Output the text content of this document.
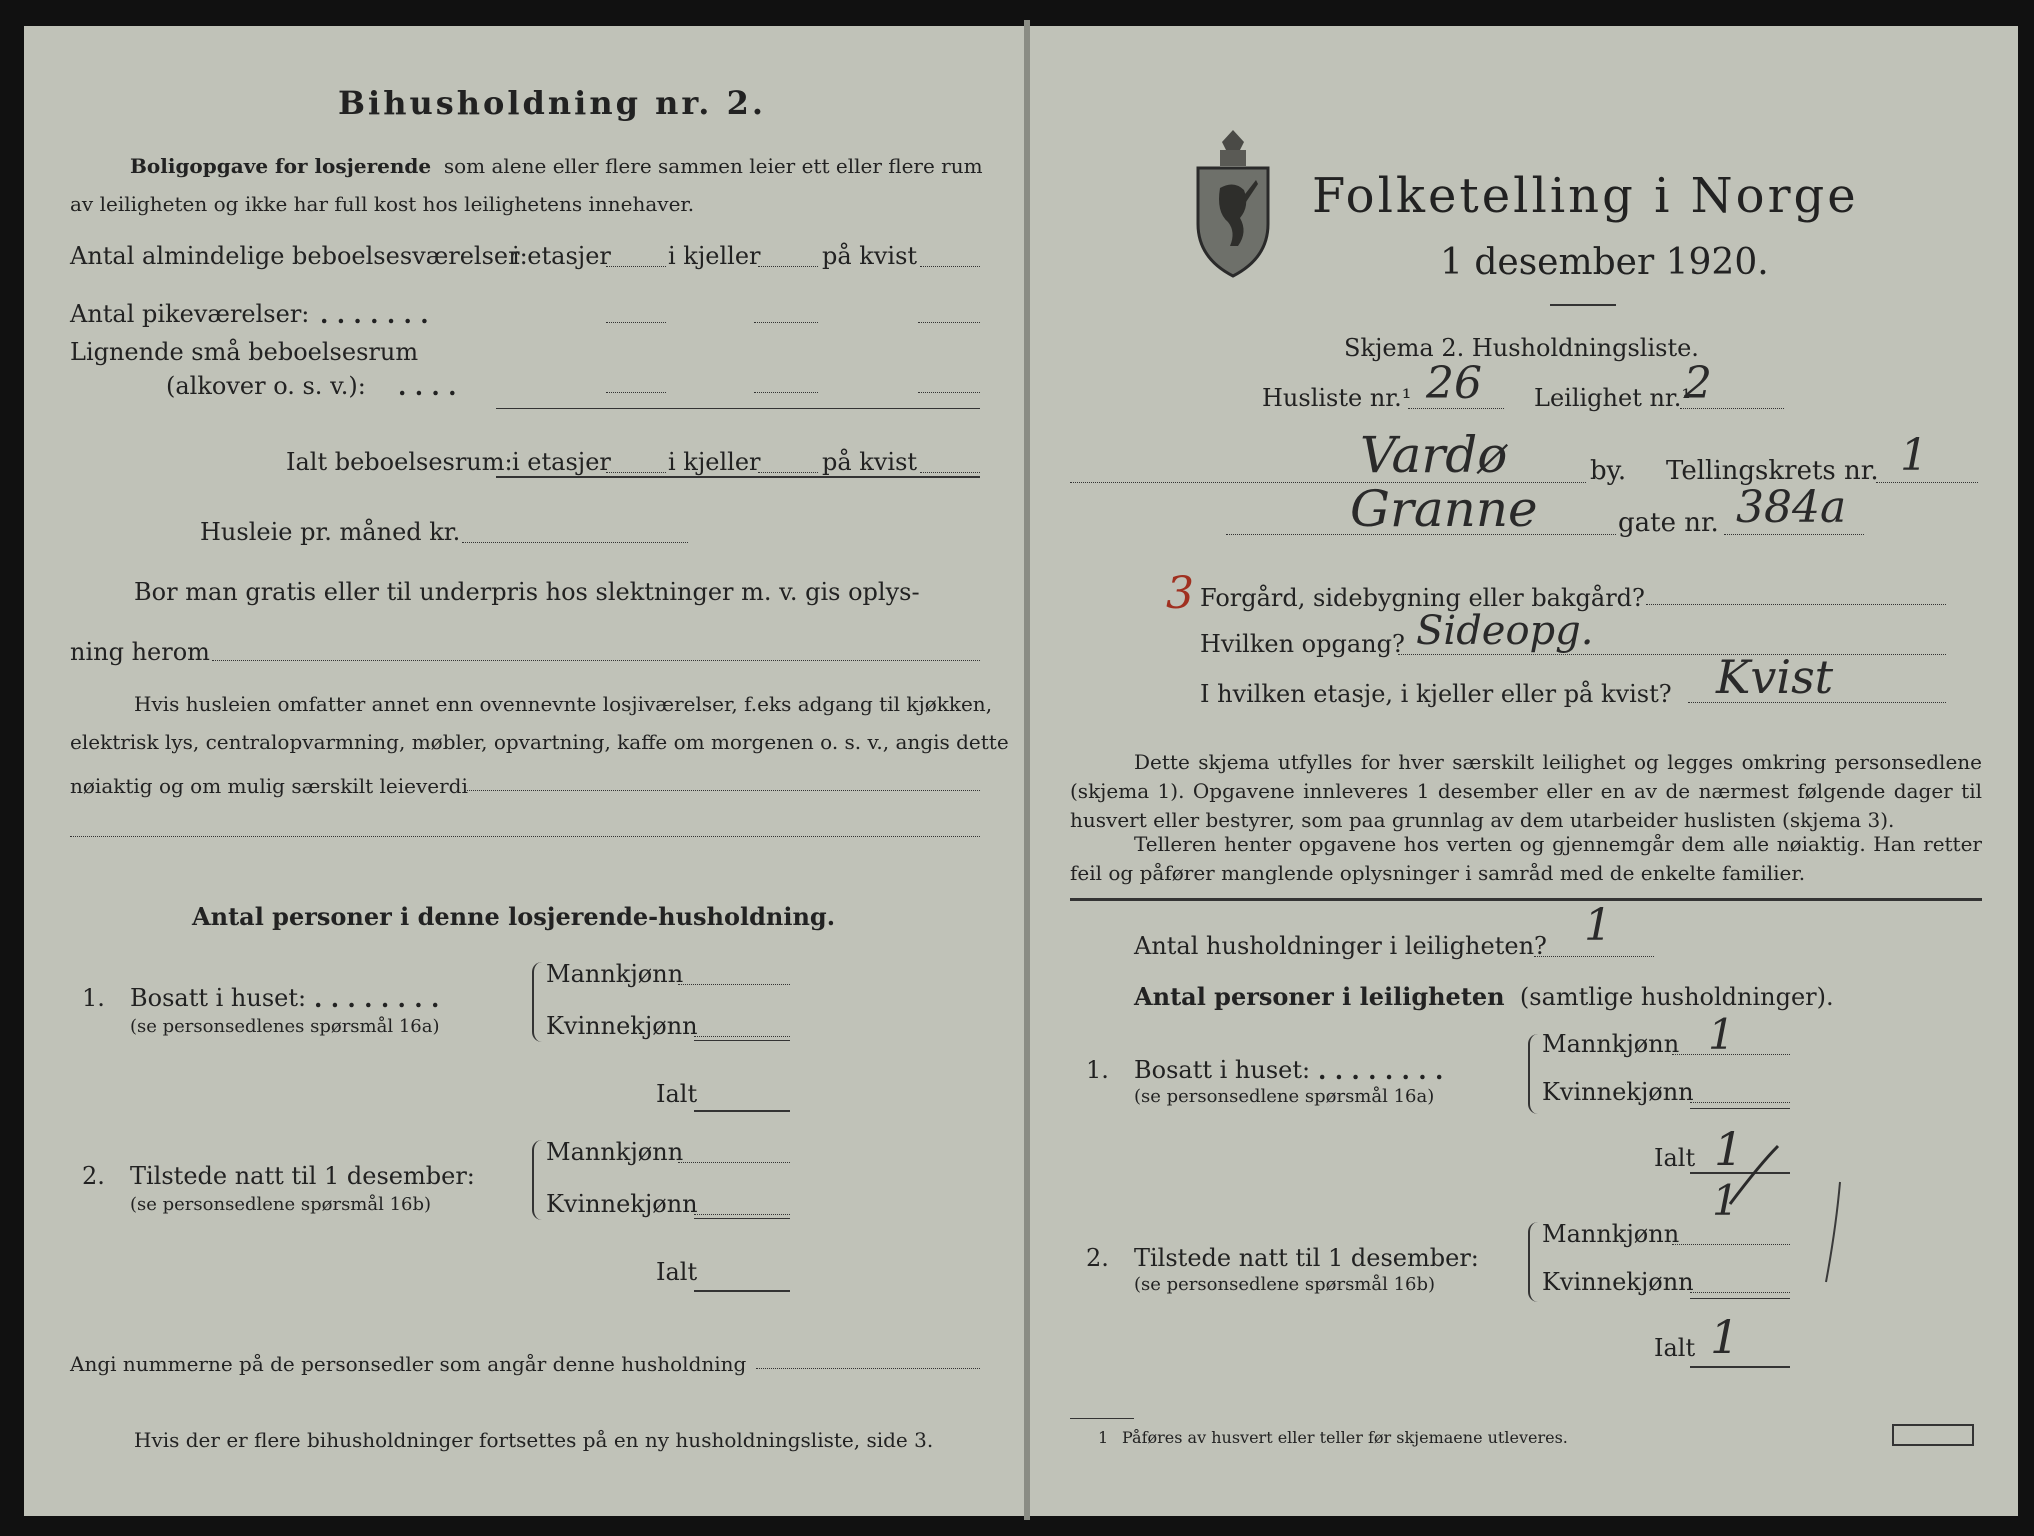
Bihusholdning nr. 2.
Boligopgave for losjerende som alene eller flere sammen leier ett eller flere rum
av leiligheten og ikke har full kost hos leilighetens innehaver.
Antal almindelige beboelsesværelser:
i etasjer i kjeller	på kvist
Antal pikeværelser: . . . . . . .
Lignende små beboelsesrum
(alkover o. s. v.): . . . .
Ialt beboelsesrum: i etasjer i kjeller	på kvist
Husleie pr. måned kr.
Bor man gratis eller til underpris hos slektninger m. v. gis oplys-
ning herom
Hvis husleien omfatter annet enn ovennevnte losjiværelser, f.eks adgang til kjøkken,
elektrisk lys, centralopvarmning, møbler, opvartning, kaffe om morgenen o. s. v., angis dette
nøiaktig og om mulig særskilt leieverdi
Antal personer i denne losjerende-husholdning.
1. Bosatt i huset: . . . . . . . .
(se personsedlenes spørsmål 16a)
Mannkjønn
Kvinnekjønn
Ialt
2. Tilstede natt til 1 desember:
(se personsedlene spørsmål 16b)
Mannkjønn
Kvinnekjønn
Ialt
Angi nummerne på de personsedler som angår denne husholdning
Hvis der er flere bihusholdninger fortsettes på en ny husholdningsliste, side 3.
Folketelling i Norge
1 desember 1920.
Skjema 2. Husholdningsliste.
Husliste nr.¹ 26 Leilighet nr.¹
2
Vardø	by. Tellingskrets nr. 1
Granne	gate nr. 384a
3 Forgård, sidebygning eller bakgård?
Hvilken opgang? Sideopg.
I hvilken etasje, i kjeller eller på kvist? Kvist
Dette skjema utfylles for hver særskilt leilighet og legges omkring personsedlene (skjema 1). Opgavene innleveres 1 desember eller en av de nærmest følgende dager til husvert eller bestyrer, som paa grunnlag av dem utarbeider huslisten (skjema 3).
Telleren henter opgavene hos verten og gjennemgår dem alle nøiaktig. Han retter feil og påfører manglende oplysninger i samråd med de enkelte familier.
Antal husholdninger i leiligheten? 1
Antal personer i leiligheten (samtlige husholdninger).
1. Bosatt i huset: . . . . . . . .
(se personsedlene spørsmål 16a)
Mannkjønn 1
Kvinnekjønn
Ialt 1
2. Tilstede natt til 1 desember:
(se personsedlene spørsmål 16b)
Mannkjønn
1
Kvinnekjønn
Ialt 1
1 Påføres av husvert eller teller før skjemaene utleveres.
